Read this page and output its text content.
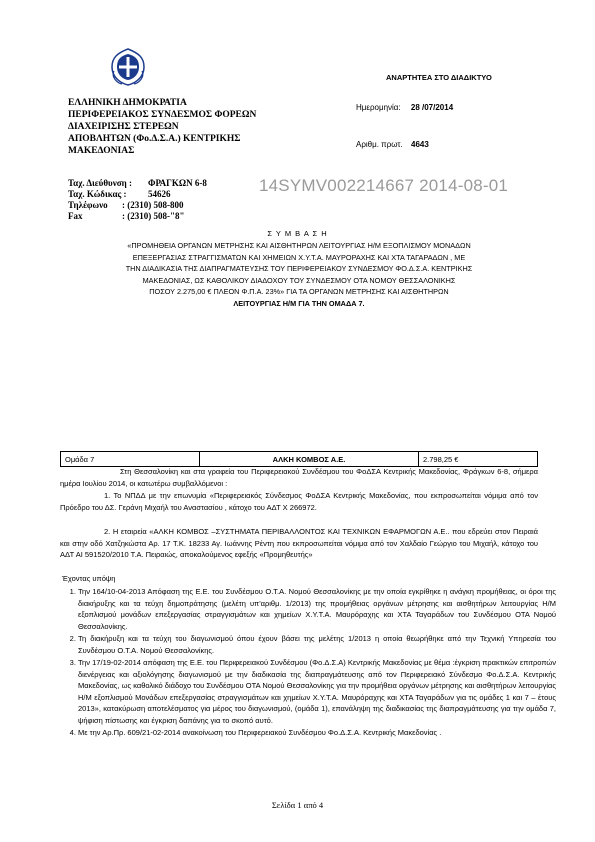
ΑΝΑΡΤΗΤΕΑ ΣΤΟ ΔΙΑΔΙΚΤΥΟ
Ημερομηνία: 28 /07/2014
Αριθμ. πρωτ. 4643
ΕΛΛΗΝΙΚΗ ΔΗΜΟΚΡΑΤΙΑ
ΠΕΡΙΦΕΡΕΙΑΚΟΣ ΣΥΝΔΕΣΜΟΣ ΦΟΡΕΩΝ
ΔΙΑΧΕΙΡΙΣΗΣ ΣΤΕΡΕΩΝ
ΑΠΟΒΛΗΤΩΝ (Φο.Δ.Σ.Α.) ΚΕΝΤΡΙΚΗΣ
ΜΑΚΕΔΟΝΙΑΣ
Ταχ. Διεύθυνση : ΦΡΑΓΚΩΝ 6-8
Ταχ. Κώδικας : 54626
Τηλέφωνο : (2310) 508-800
Fax	: (2310) 508-"8"
14SYMV002214667 2014-08-01
Σ Υ Μ Β Α Σ Η
«ΠΡΟΜΗΘΕΙΑ ΟΡΓΑΝΩΝ ΜΕΤΡΗΣΗΣ ΚΑΙ ΑΙΣΘΗΤΗΡΩΝ ΛΕΙΤΟΥΡΓΙΑΣ Η/Μ ΕΞΟΠΛΙΣΜΟΥ ΜΟΝΑΔΩΝ
ΕΠΕΞΕΡΓΑΣΙΑΣ ΣΤΡΑΓΓΙΣΜΑΤΩΝ ΚΑΙ ΧΗΜΕΙΩΝ Χ.Υ.Τ.Α. ΜΑΥΡΟΡΑΧΗΣ ΚΑΙ ΧΤΑ ΤΑΓΑΡΑΔΩΝ , ΜΕ
ΤΗΝ ΔΙΑΔΙΚΑΣΙΑ ΤΗΣ ΔΙΑΠΡΑΓΜΑΤΕΥΣΗΣ ΤΟΥ ΠΕΡΙΦΕΡΕΙΑΚΟΥ ΣΥΝΔΕΣΜΟΥ ΦΟ.Δ.Σ.Α. ΚΕΝΤΡΙΚΗΣ
ΜΑΚΕΔΟΝΙΑΣ, ΩΣ ΚΑΘΟΛΙΚΟΥ ΔΙΑΔΟΧΟΥ ΤΟΥ ΣΥΝΔΕΣΜΟΥ ΟΤΑ ΝΟΜΟΥ ΘΕΣΣΑΛΟΝΙΚΗΣ
ΠΟΣΟΥ 2.275,00 € ΠΛΕΟΝ Φ.Π.Α. 23%» ΓΙΑ ΤΑ ΟΡΓΑΝΩΝ ΜΕΤΡΗΣΗΣ ΚΑΙ ΑΙΣΘΗΤΗΡΩΝ
ΛΕΙΤΟΥΡΓΙΑΣ Η/Μ ΓΙΑ ΤΗΝ ΟΜΑΔΑ 7.
Ομάδα 7	ΑΛΚΗ ΚΟΜΒΟΣ Α.Ε.	2.798,25 €
Στη Θεσσαλονίκη και στα γραφεία του Περιφερειακού Συνδέσμου του ΦοΔΣΑ Κεντρικής Μακεδονίας, Φράγκων 6-8, σήμερα ημέρα Ιουλίου 2014, οι κατωτέρω συμβαλλόμενοι :
1. Το ΝΠΔΔ με την επωνυμία «Περιφερειακός Σύνδεσμος ΦοΔΣΑ Κεντρικής Μακεδονίας, που εκπροσωπείται νόμιμα από τον Πρόεδρο του ΔΣ. Γεράνη Μιχαήλ του Αναστασίου , κάτοχο του ΑΔΤ Χ 266972.
2. Η εταιρεία «ΑΛΚΗ ΚΟΜΒΟΣ –ΣΥΣΤΗΜΑΤΑ ΠΕΡΙΒΑΛΛΟΝΤΟΣ ΚΑΙ ΤΕΧΝΙΚΩΝ ΕΦΑΡΜΟΓΩΝ Α.Ε.. που εδρεύει στον Πειραιά και στην οδό Χατζηκώστα Αρ. 17 Τ.Κ. 18233 Αγ. Ιωάννης Ρέντη που εκπροσωπείται νόμιμα από τον Χαλδαίο Γεώργιο του Μιχαήλ, κάτοχο του ΑΔΤ ΑΙ 591520/2010 Τ.Α. Πειραιώς, αποκαλούμενος εφεξής «Προμηθευτής»
Έχοντας υπόψη
1. Την 164/10-04-2013 Απόφαση της Ε.Ε. του Συνδέσμου Ο.Τ.Α. Νομού Θεσσαλονίκης με την οποία εγκρίθηκε η ανάγκη προμήθειας, οι όροι της διακήρυξης και τα τεύχη δημοπράτησης (μελέτη υπ'αριθμ. 1/2013) της προμήθειας οργάνων μέτρησης και αισθητήρων λειτουργίας Η/Μ εξοπλισμού μονάδων επεξεργασίας στραγγισμάτων και χημείων Χ.Υ.Τ.Α. Μαυρόραχης και ΧΤΑ Ταγαράδων του Συνδέσμου ΟΤΑ Νομού Θεσσαλονίκης.
2. Τη διακήρυξη και τα τεύχη του διαγωνισμού όπου έχουν βάσει της μελέτης 1/2013 η οποία θεωρήθηκε από την Τεχνική Υπηρεσία του Συνδέσμου Ο.Τ.Α. Νομού Θεσσαλονίκης.
3. Την 17/19-02-2014 απόφαση της Ε.Ε. του Περιφερειακού Συνδέσμου (Φο.Δ.Σ.Α) Κεντρικής Μακεδονίας με θέμα :έγκριση πρακτικών επιτροπών διενέργειας και αξιολόγησης διαγωνισμού με την διαδικασία της διαπραγμάτευσης από τον Περιφερειακό Σύνδεσμο Φο.Δ.Σ.Α. Κεντρικής Μακεδονίας, ως καθολικό διάδοχο του Συνδέσμου ΟΤΑ Νομού Θεσσαλονίκης για την προμήθεια οργάνων μέτρησης και αισθητήρων λειτουργίας Η/Μ εξοπλισμού Μονάδων επεξεργασίας στραγγισμάτων και χημείων Χ.Υ.Τ.Α. Μαυρόραχης και ΧΤΑ Ταγαράδων για τις ομάδες 1 και 7 – έτους 2013», κατακύρωση αποτελέσματος για μέρος του διαγωνισμού, (ομάδα 1), επανάληψη της διαδικασίας της διαπραγμάτευσης για την ομάδα 7, ψήφιση πίστωσης και έγκριση δαπάνης για το σκοπό αυτό.
4. Με την Αρ.Πρ. 609/21-02-2014 ανακοίνωση του Περιφερειακού Συνδέσμου Φο.Δ.Σ.Α. Κεντρικής Μακεδονίας .
Σελίδα 1 από 4
